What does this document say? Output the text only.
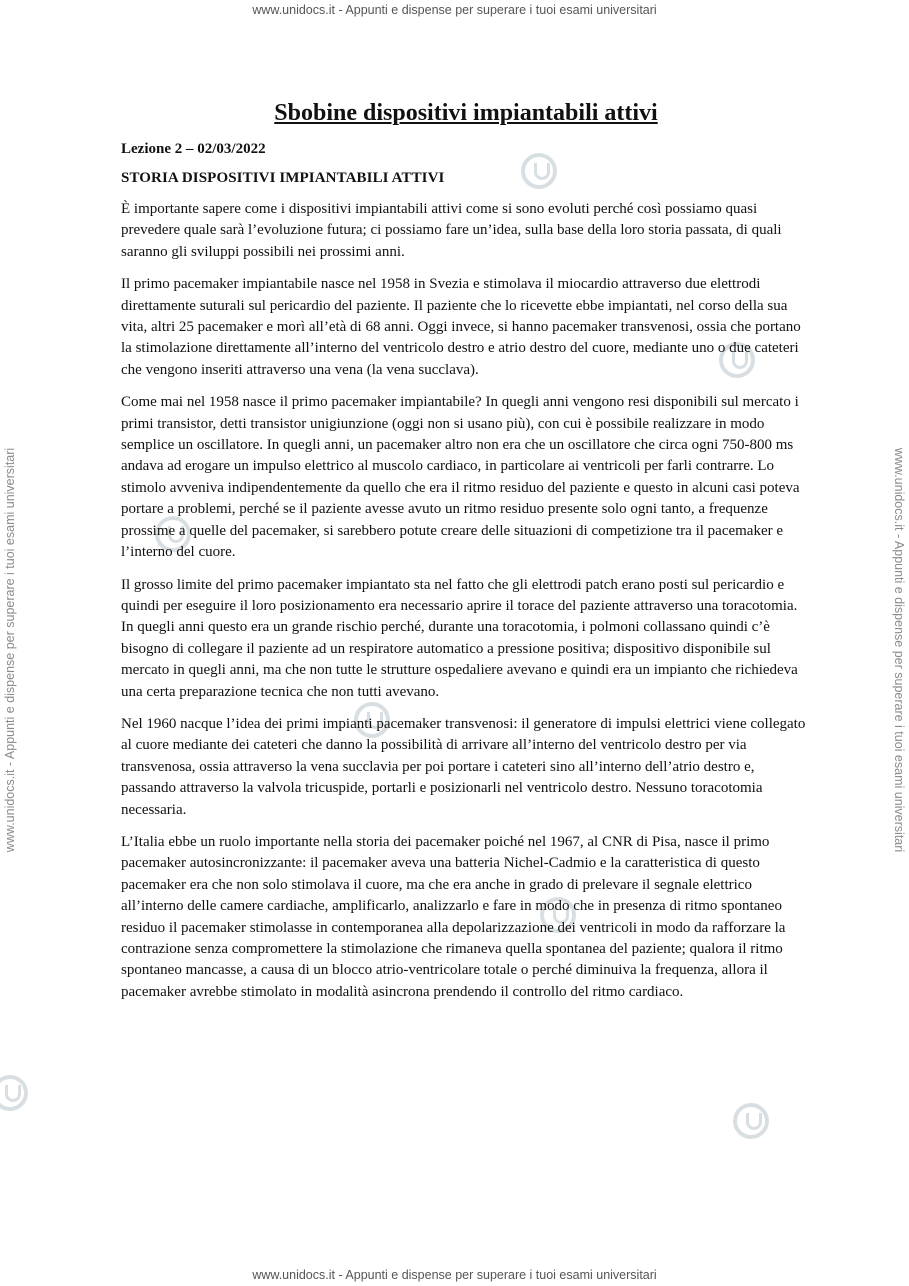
www.unidocs.it - Appunti e dispense per superare i tuoi esami universitari
www.unidocs.it - Appunti e dispense per superare i tuoi esami universitari	www.unidocs.it - Appunti e dispense per superare i tuoi esami universitari
www.unidocs.it - Appunti e dispense per superare i tuoi esami universitari
Sbobine dispositivi impiantabili attivi
Lezione 2 – 02/03/2022
STORIA DISPOSITIVI IMPIANTABILI ATTIVI

È importante sapere come i dispositivi impiantabili attivi come si sono evoluti perché così possiamo quasi prevedere quale sarà l’evoluzione futura; ci possiamo fare un’idea, sulla base della loro storia passata, di quali saranno gli sviluppi possibili nei prossimi anni.

Il primo pacemaker impiantabile nasce nel 1958 in Svezia e stimolava il miocardio attraverso due elettrodi direttamente suturali sul pericardio del paziente. Il paziente che lo ricevette ebbe impiantati, nel corso della sua vita, altri 25 pacemaker e morì all’età di 68 anni. Oggi invece, si hanno pacemaker transvenosi, ossia che portano la stimolazione direttamente all’interno del ventricolo destro e atrio destro del cuore, mediante uno o due cateteri che vengono inseriti attraverso una vena (la vena succlava).

Come mai nel 1958 nasce il primo pacemaker impiantabile? In quegli anni vengono resi disponibili sul mercato i primi transistor, detti transistor unigiunzione (oggi non si usano più), con cui è possibile realizzare in modo semplice un oscillatore. In quegli anni, un pacemaker altro non era che un oscillatore che circa ogni 750-800 ms andava ad erogare un impulso elettrico al muscolo cardiaco, in particolare ai ventricoli per farli contrarre. Lo stimolo avveniva indipendentemente da quello che era il ritmo residuo del paziente e questo in alcuni casi poteva portare a problemi, perché se il paziente avesse avuto un ritmo residuo presente solo ogni tanto, a frequenze prossime a quelle del pacemaker, si sarebbero potute creare delle situazioni di competizione tra il pacemaker e l’interno del cuore.

Il grosso limite del primo pacemaker impiantato sta nel fatto che gli elettrodi patch erano posti sul pericardio e quindi per eseguire il loro posizionamento era necessario aprire il torace del paziente attraverso una toracotomia. In quegli anni questo era un grande rischio perché, durante una toracotomia, i polmoni collassano quindi c’è bisogno di collegare il paziente ad un respiratore automatico a pressione positiva; dispositivo disponibile sul mercato in quegli anni, ma che non tutte le strutture ospedaliere avevano e quindi era un impianto che richiedeva una certa preparazione tecnica che non tutti avevano.

Nel 1960 nacque l’idea dei primi impianti pacemaker transvenosi: il generatore di impulsi elettrici viene collegato al cuore mediante dei cateteri che danno la possibilità di arrivare all’interno del ventricolo destro per via transvenosa, ossia attraverso la vena succlavia per poi portare i cateteri sino all’interno dell’atrio destro e, passando attraverso la valvola tricuspide, portarli e posizionarli nel ventricolo destro. Nessuno toracotomia necessaria.

L’Italia ebbe un ruolo importante nella storia dei pacemaker poiché nel 1967, al CNR di Pisa, nasce il primo pacemaker autosincronizzante: il pacemaker aveva una batteria Nichel-Cadmio e la caratteristica di questo pacemaker era che non solo stimolava il cuore, ma che era anche in grado di prelevare il segnale elettrico all’interno delle camere cardiache, amplificarlo, analizzarlo e fare in modo che in presenza di ritmo spontaneo residuo il pacemaker stimolasse in contemporanea alla depolarizzazione dei ventricoli in modo da rafforzare la contrazione senza compromettere la stimolazione che rimaneva quella spontanea del paziente; qualora il ritmo spontaneo mancasse, a causa di un blocco atrio-ventricolare totale o perché diminuiva la frequenza, allora il pacemaker avrebbe stimolato in modalità asincrona prendendo il controllo del ritmo cardiaco.
